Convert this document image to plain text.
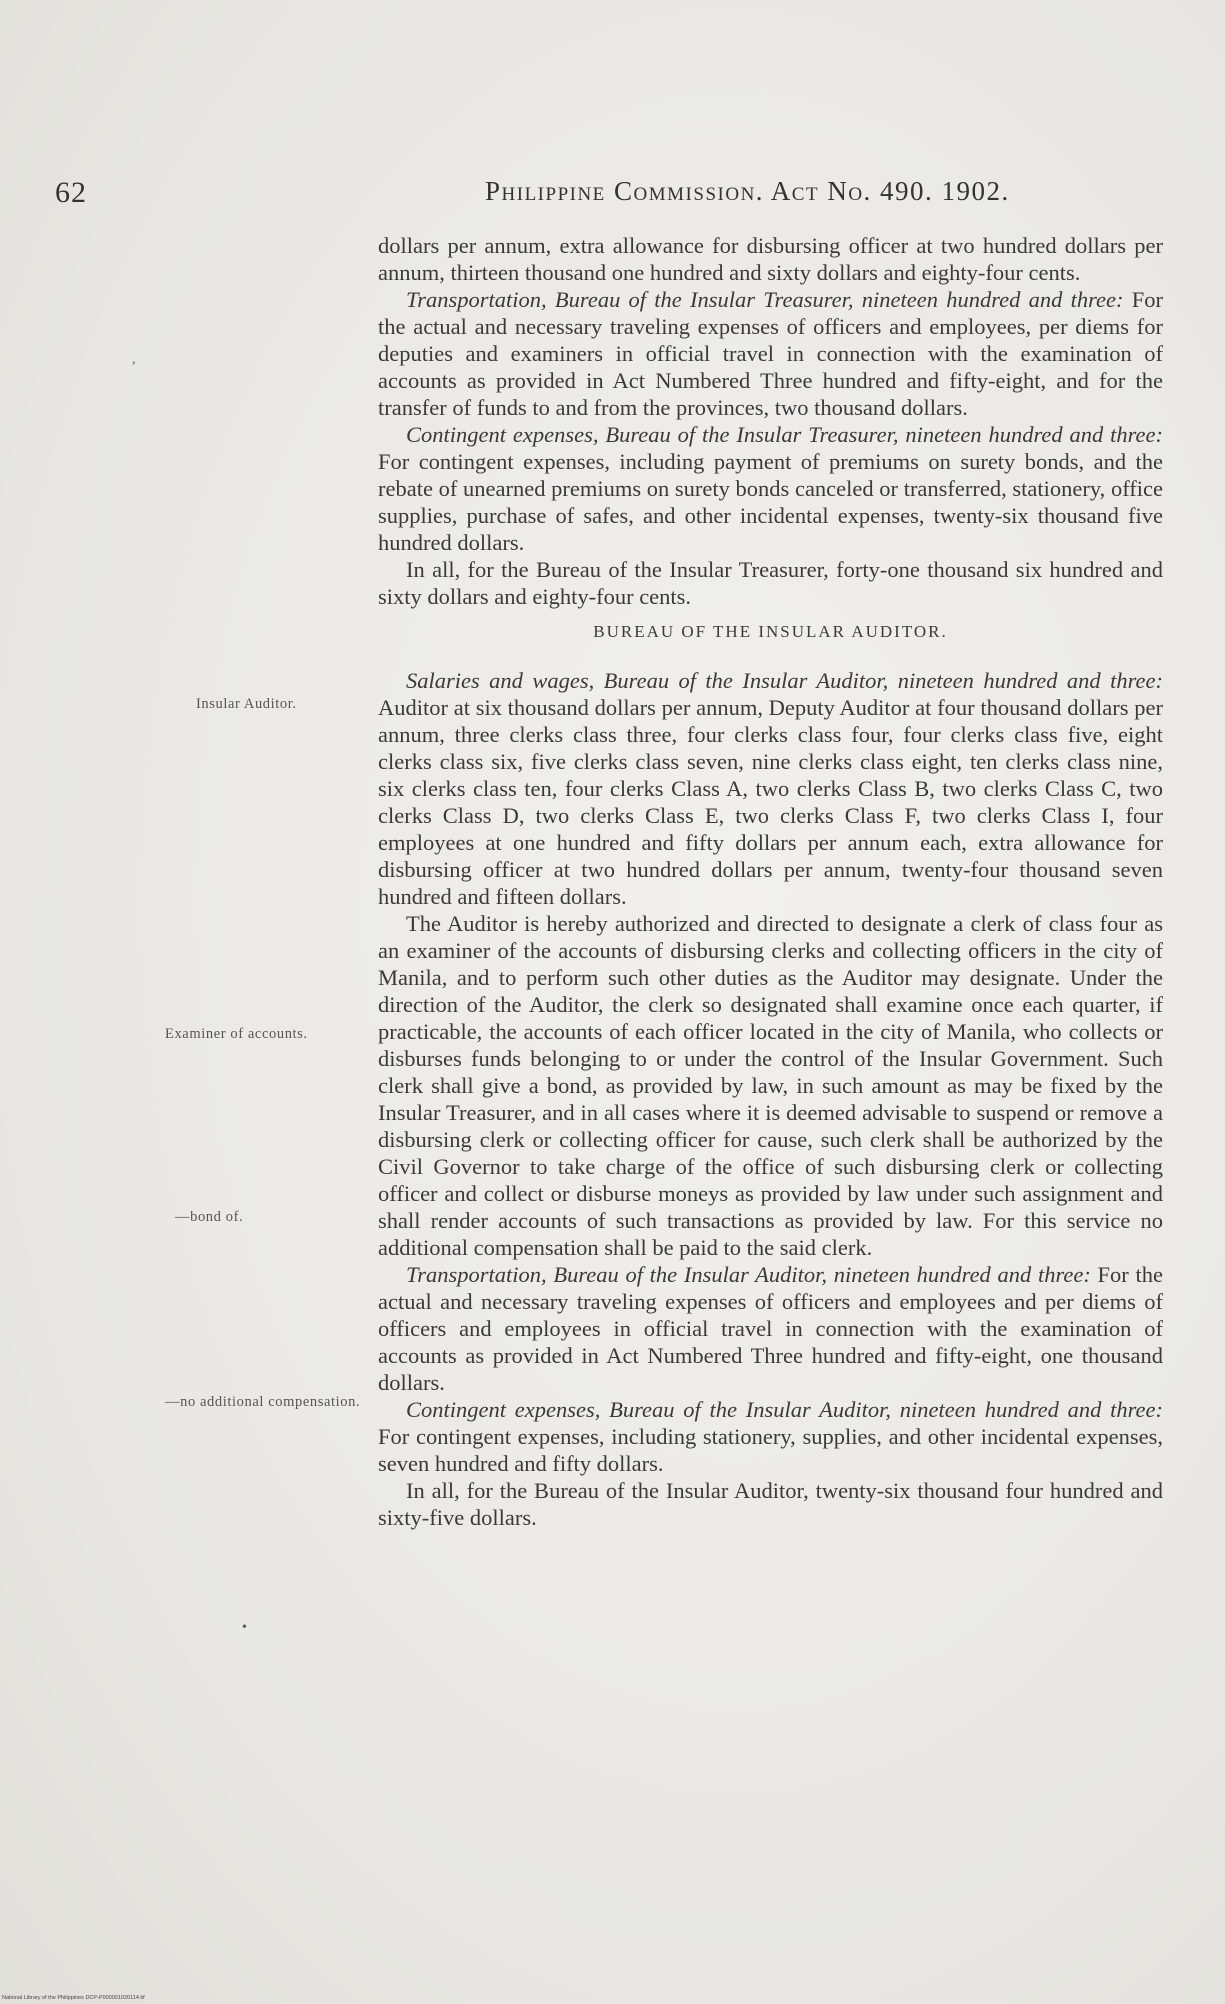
62	Philippine Commission. Act No. 490. 1902.
Insular Auditor.
Examiner of accounts.
—bond of.
—no additional compensation.
,
•

dollars per annum, extra allowance for disbursing officer at two hundred dollars per annum, thirteen thousand one hundred and sixty dollars and eighty-four cents.

Transportation, Bureau of the Insular Treasurer, nineteen hundred and three: For the actual and necessary traveling expenses of officers and employees, per diems for deputies and examiners in official travel in connection with the examination of accounts as provided in Act Numbered Three hundred and fifty-eight, and for the transfer of funds to and from the provinces, two thousand dollars.

Contingent expenses, Bureau of the Insular Treasurer, nineteen hundred and three: For contingent expenses, including payment of premiums on surety bonds, and the rebate of unearned premiums on surety bonds canceled or transferred, stationery, office supplies, purchase of safes, and other incidental expenses, twenty-six thousand five hundred dollars.

In all, for the Bureau of the Insular Treasurer, forty-one thousand six hundred and sixty dollars and eighty-four cents.

BUREAU OF THE INSULAR AUDITOR.

Salaries and wages, Bureau of the Insular Auditor, nineteen hundred and three: Auditor at six thousand dollars per annum, Deputy Auditor at four thousand dollars per annum, three clerks class three, four clerks class four, four clerks class five, eight clerks class six, five clerks class seven, nine clerks class eight, ten clerks class nine, six clerks class ten, four clerks Class A, two clerks Class B, two clerks Class C, two clerks Class D, two clerks Class E, two clerks Class F, two clerks Class I, four employees at one hundred and fifty dollars per annum each, extra allowance for disbursing officer at two hundred dollars per annum, twenty-four thousand seven hundred and fifteen dollars.

The Auditor is hereby authorized and directed to designate a clerk of class four as an examiner of the accounts of disbursing clerks and collecting officers in the city of Manila, and to perform such other duties as the Auditor may designate. Under the direction of the Auditor, the clerk so designated shall examine once each quarter, if practicable, the accounts of each officer located in the city of Manila, who collects or disburses funds belonging to or under the control of the Insular Government. Such clerk shall give a bond, as provided by law, in such amount as may be fixed by the Insular Treasurer, and in all cases where it is deemed advisable to suspend or remove a disbursing clerk or collecting officer for cause, such clerk shall be authorized by the Civil Governor to take charge of the office of such disbursing clerk or collecting officer and collect or disburse moneys as provided by law under such assignment and shall render accounts of such transactions as provided by law. For this service no additional compensation shall be paid to the said clerk.

Transportation, Bureau of the Insular Auditor, nineteen hundred and three: For the actual and necessary traveling expenses of officers and employees and per diems of officers and employees in official travel in connection with the examination of accounts as provided in Act Numbered Three hundred and fifty-eight, one thousand dollars.

Contingent expenses, Bureau of the Insular Auditor, nineteen hundred and three: For contingent expenses, including stationery, supplies, and other incidental expenses, seven hundred and fifty dollars.

In all, for the Bureau of the Insular Auditor, twenty-six thousand four hundred and sixty-five dollars.

National Library of the Philippines DCP-P000001020114.tif
